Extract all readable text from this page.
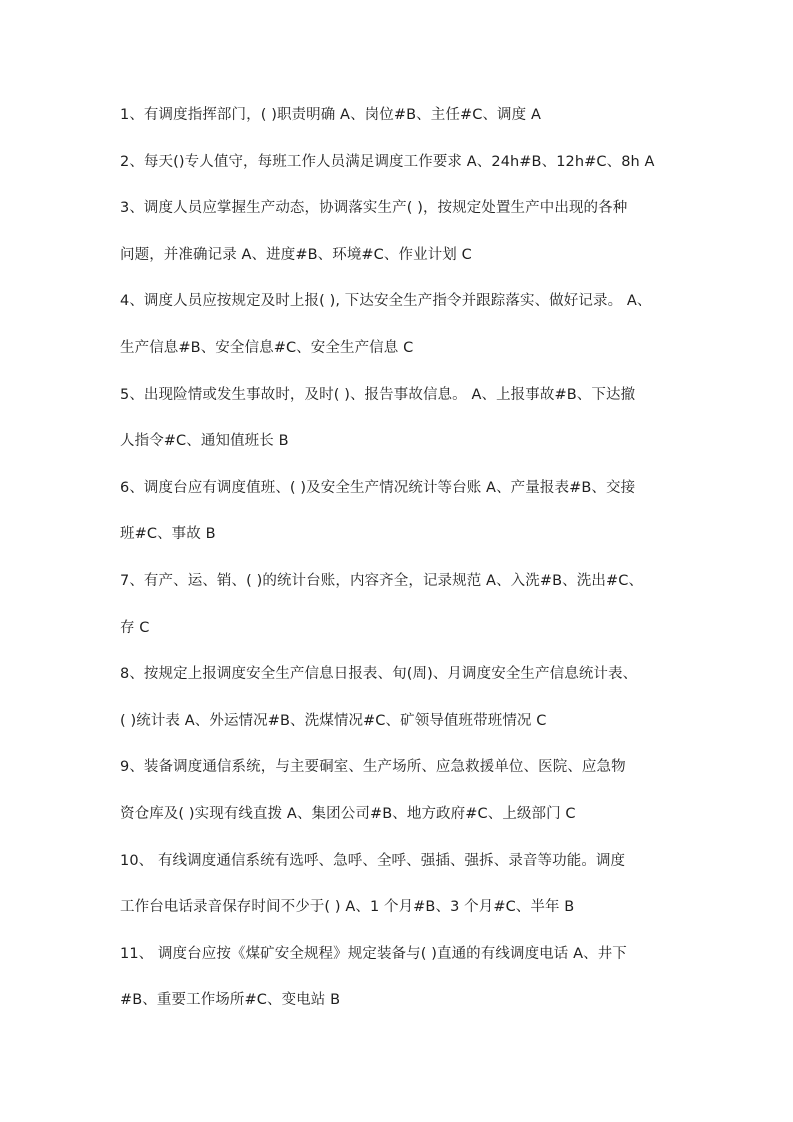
1、有调度指挥部门，( )职责明确 A、岗位#B、主任#C、调度 A
2、每天()专人值守，每班工作人员满足调度工作要求 A、24h#B、12h#C、8h A
3、调度人员应掌握生产动态，协调落实生产( )，按规定处置生产中出现的各种
问题，并准确记录 A、进度#B、环境#C、作业计划 C
4、调度人员应按规定及时上报( ), 下达安全生产指令并跟踪落实、做好记录。 A、
生产信息#B、安全信息#C、安全生产信息 C
5、出现险情或发生事故时，及时( )、报告事故信息。 A、上报事故#B、下达撤
人指令#C、通知值班长 B
6、调度台应有调度值班、( )及安全生产情况统计等台账 A、产量报表#B、交接
班#C、事故 B
7、有产、运、销、( )的统计台账，内容齐全，记录规范 A、入洗#B、洗出#C、
存 C
8、按规定上报调度安全生产信息日报表、旬(周)、月调度安全生产信息统计表、
( )统计表 A、外运情况#B、洗煤情况#C、矿领导值班带班情况 C
9、装备调度通信系统，与主要硐室、生产场所、应急救援单位、医院、应急物
资仓库及( )实现有线直拨 A、集团公司#B、地方政府#C、上级部门 C
10、 有线调度通信系统有选呼、急呼、全呼、强插、强拆、录音等功能。调度
工作台电话录音保存时间不少于( ) A、1 个月#B、3 个月#C、半年 B
11、 调度台应按《煤矿安全规程》规定装备与( )直通的有线调度电话 A、井下
#B、重要工作场所#C、变电站 B
